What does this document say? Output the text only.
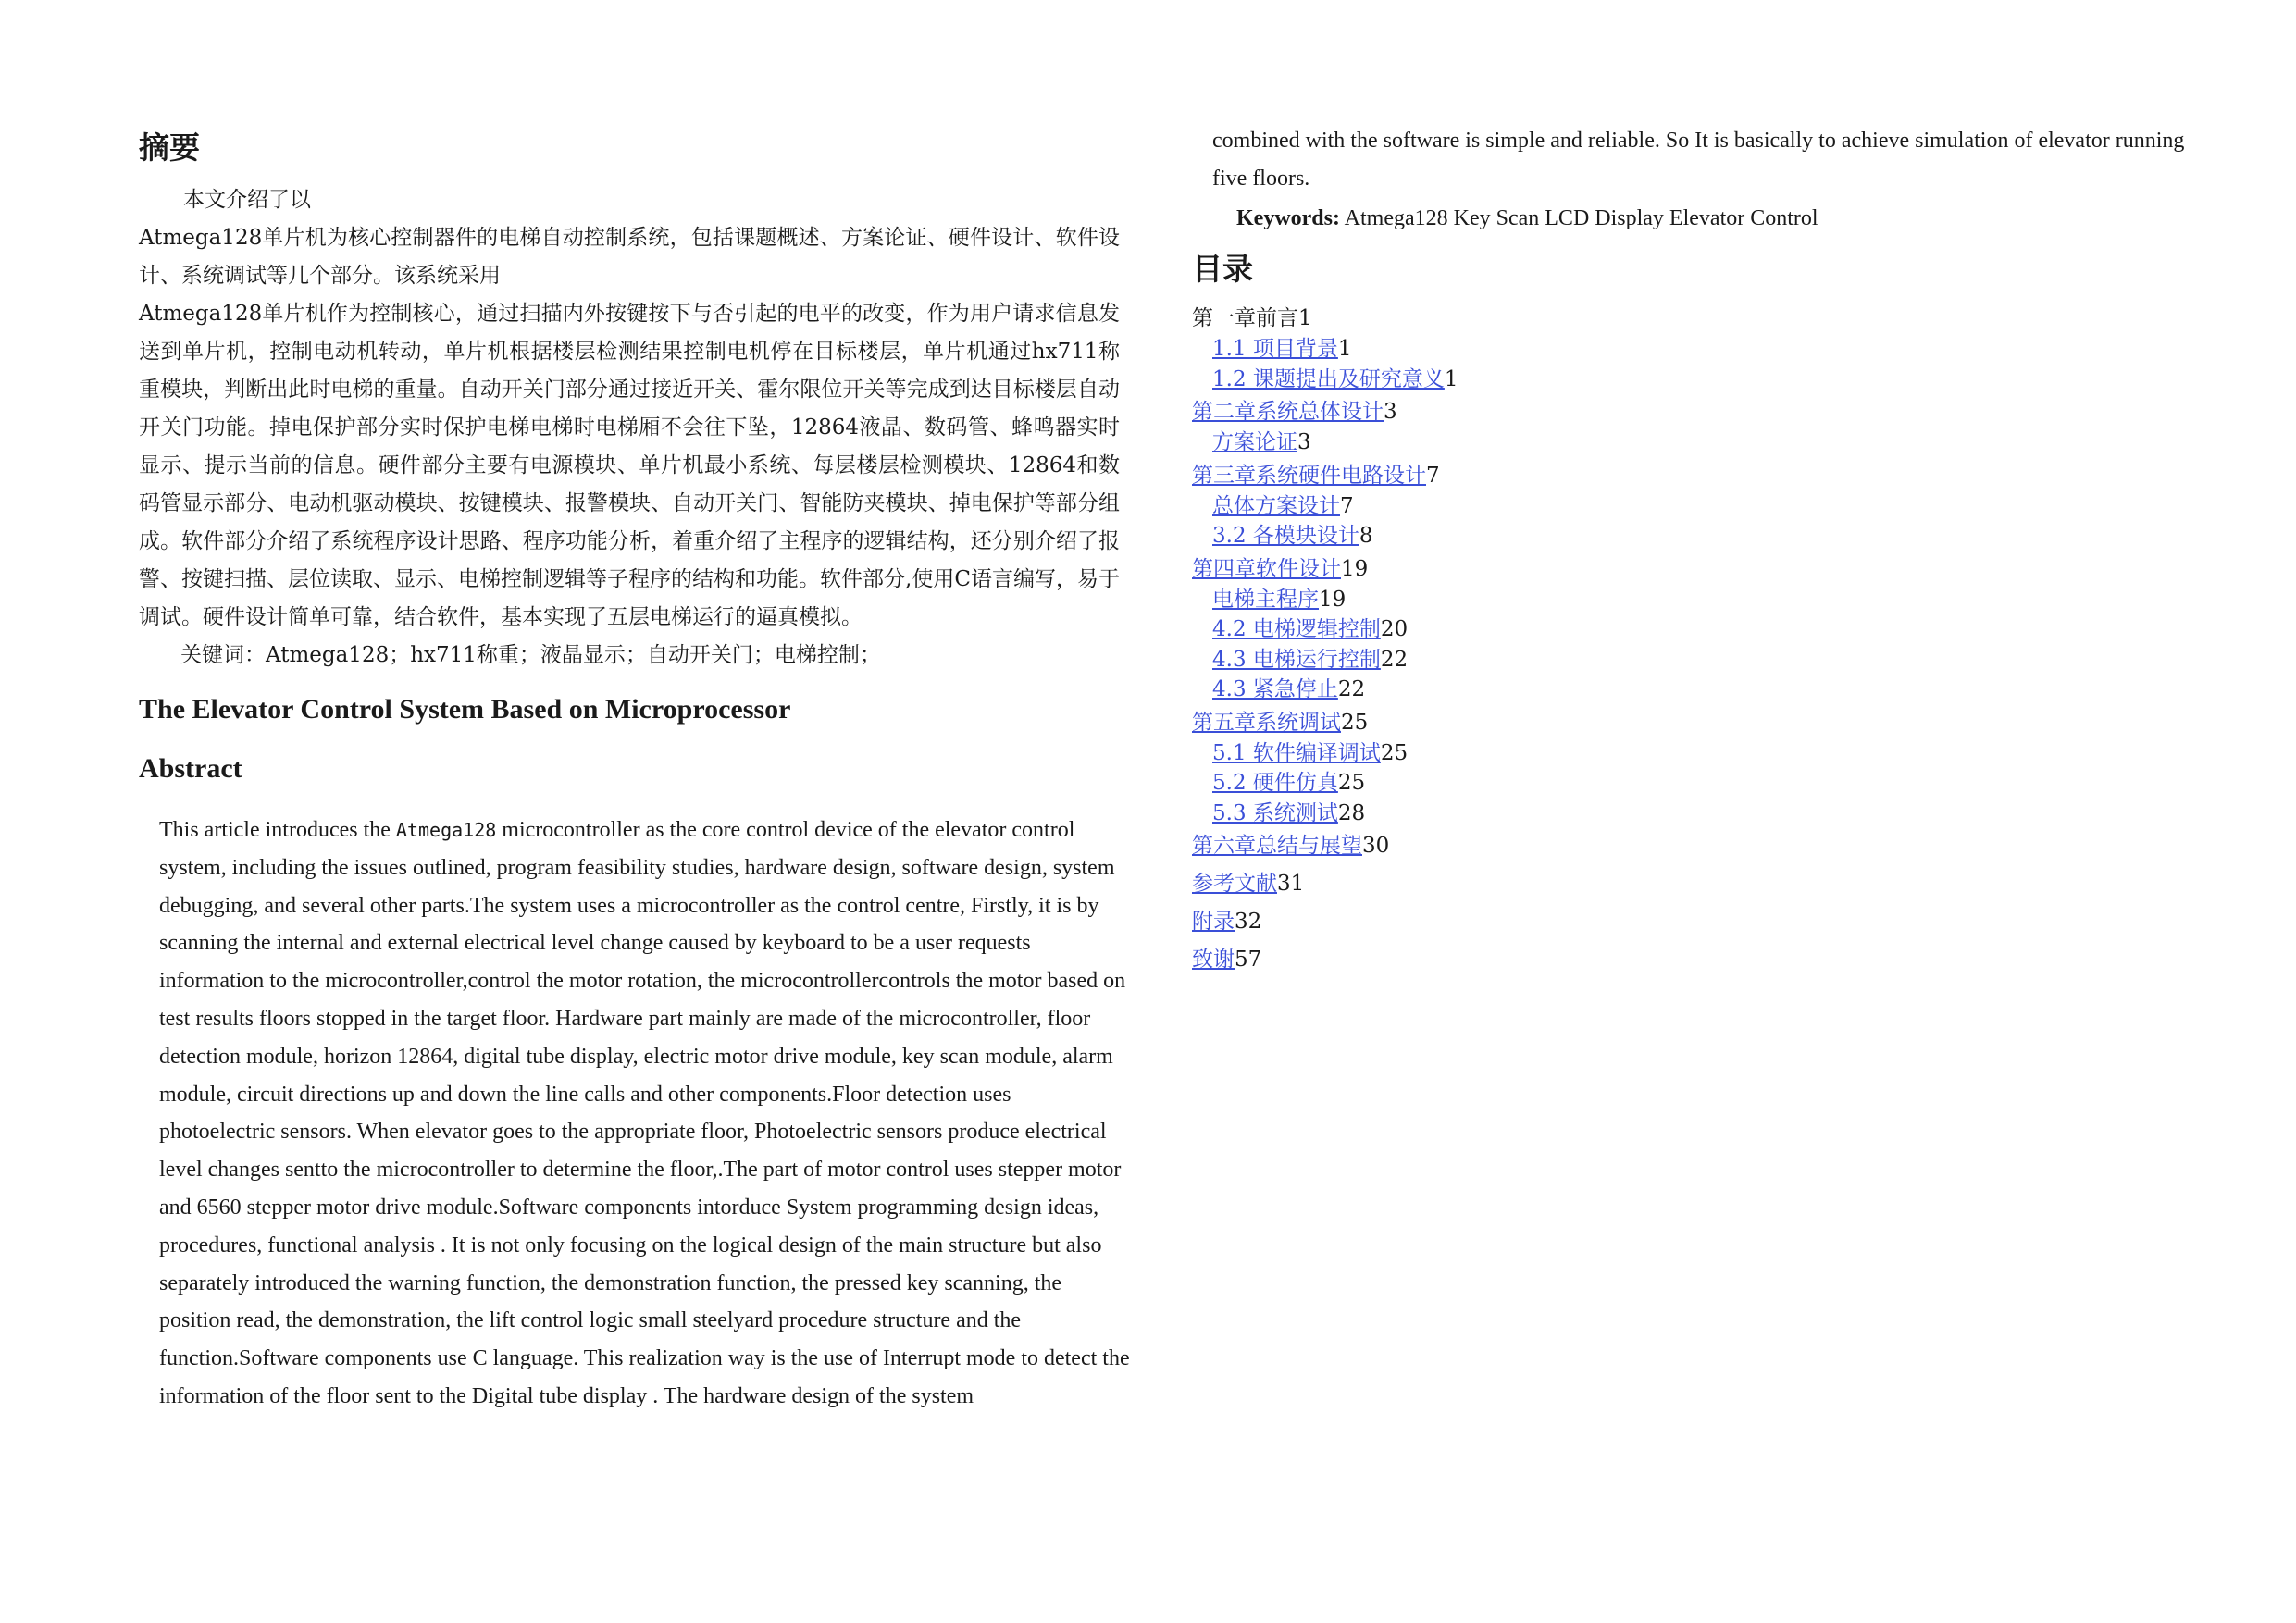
摘要

本文介绍了以
Atmega128单片机为核心控制器件的电梯自动控制系统，包括课题概述、方案论证、硬件设计、软件设计、系统调试等几个部分。该系统采用
Atmega128单片机作为控制核心，通过扫描内外按键按下与否引起的电平的改变，作为用户请求信息发送到单片机，控制电动机转动，单片机根据楼层检测结果控制电机停在目标楼层，单片机通过hx711称重模块，判断出此时电梯的重量。自动开关门部分通过接近开关、霍尔限位开关等完成到达目标楼层自动开关门功能。掉电保护部分实时保护电梯电梯时电梯厢不会往下坠，12864液晶、数码管、蜂鸣器实时显示、提示当前的信息。硬件部分主要有电源模块、单片机最小系统、每层楼层检测模块、12864和数码管显示部分、电动机驱动模块、按键模块、报警模块、自动开关门、智能防夹模块、掉电保护等部分组成。软件部分介绍了系统程序设计思路、程序功能分析，着重介绍了主程序的逻辑结构，还分别介绍了报警、按键扫描、层位读取、显示、电梯控制逻辑等子程序的结构和功能。软件部分,使用C语言编写，易于调试。硬件设计简单可靠，结合软件，基本实现了五层电梯运行的逼真模拟。

关键词：Atmega128；hx711称重；液晶显示；自动开关门；电梯控制；

The Elevator Control System Based on Microprocessor
Abstract

This article introduces the Atmega128 microcontroller as the core control device of the elevator control system, including the issues outlined, program feasibility studies, hardware design, software design, system debugging, and several other parts.The system uses a microcontroller as the control centre, Firstly, it is by scanning the internal and external electrical level change caused by keyboard to be a user requests information to the microcontroller,control the motor rotation, the microcontrollercontrols the motor based on test results floors stopped in the target floor. Hardware part mainly are made of the microcontroller, floor detection module, horizon 12864, digital tube display, electric motor drive module, key scan module, alarm module, circuit directions up and down the line calls and other components.Floor detection uses photoelectric sensors. When elevator goes to the appropriate floor, Photoelectric sensors produce electrical level changes sentto the microcontroller to determine the floor,.The part of motor control uses stepper motor and 6560 stepper motor drive module.Software components intorduce System programming design ideas, procedures, functional analysis . It is not only focusing on the logical design of the main structure but also separately introduced the warning function, the demonstration function, the pressed key scanning, the position read, the demonstration, the lift control logic small steelyard procedure structure and the function.Software components use C language. This realization way is the use of Interrupt mode to detect the information of the floor sent to the Digital tube display . The hardware design of the system

combined with the software is simple and reliable. So It is basically to achieve simulation of elevator running five floors.

Keywords: Atmega128 Key Scan LCD Display Elevator Control

目录
第一章前言1
1.1 项目背景1
1.2 课题提出及研究意义1
第二章系统总体设计3
方案论证3
第三章系统硬件电路设计7
总体方案设计7
3.2 各模块设计8
第四章软件设计19
电梯主程序19
4.2 电梯逻辑控制20
4.3 电梯运行控制22
4.3 紧急停止22
第五章系统调试25
5.1 软件编译调试25
5.2 硬件仿真25
5.3 系统测试28
第六章总结与展望30
参考文献31
附录32
致谢57
